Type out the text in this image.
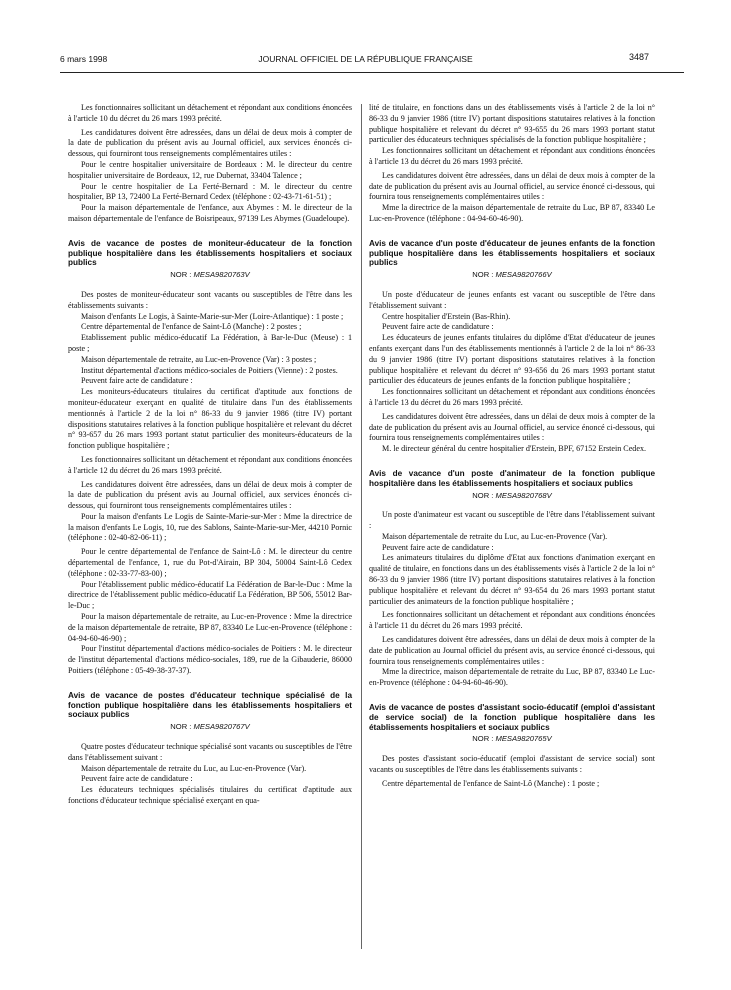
6 mars 1998	JOURNAL OFFICIEL DE LA RÉPUBLIQUE FRANÇAISE	3487

Les fonctionnaires sollicitant un détachement et répondant aux conditions énoncées à l'article 10 du décret du 26 mars 1993 précité.

Les candidatures doivent être adressées, dans un délai de deux mois à compter de la date de publication du présent avis au Journal officiel, aux services énoncés ci-dessous, qui fourniront tous renseignements complémentaires utiles :

Pour le centre hospitalier universitaire de Bordeaux : M. le directeur du centre hospitalier universitaire de Bordeaux, 12, rue Dubernat, 33404 Talence ;

Pour le centre hospitalier de La Ferté-Bernard : M. le directeur du centre hospitalier, BP 13, 72400 La Ferté-Bernard Cedex (téléphone : 02-43-71-61-51) ;

Pour la maison départementale de l'enfance, aux Abymes : M. le directeur de la maison départementale de l'enfance de Boisripeaux, 97139 Les Abymes (Guadeloupe).

Avis de vacance de postes de moniteur-éducateur de la fonction publique hospitalière dans les établissements hospitaliers et sociaux publics
NOR : MESA9820763V

Des postes de moniteur-éducateur sont vacants ou susceptibles de l'être dans les établissements suivants :

Maison d'enfants Le Logis, à Sainte-Marie-sur-Mer (Loire-Atlantique) : 1 poste ;

Centre départemental de l'enfance de Saint-Lô (Manche) : 2 postes ;

Etablissement public médico-éducatif La Fédération, à Bar-le-Duc (Meuse) : 1 poste ;

Maison départementale de retraite, au Luc-en-Provence (Var) : 3 postes ;

Institut départemental d'actions médico-sociales de Poitiers (Vienne) : 2 postes.

Peuvent faire acte de candidature :

Les moniteurs-éducateurs titulaires du certificat d'aptitude aux fonctions de moniteur-éducateur exerçant en qualité de titulaire dans l'un des établissements mentionnés à l'article 2 de la loi n° 86-33 du 9 janvier 1986 (titre IV) portant dispositions statutaires relatives à la fonction publique hospitalière et relevant du décret n° 93-657 du 26 mars 1993 portant statut particulier des moniteurs-éducateurs de la fonction publique hospitalière ;

Les fonctionnaires sollicitant un détachement et répondant aux conditions énoncées à l'article 12 du décret du 26 mars 1993 précité.

Les candidatures doivent être adressées, dans un délai de deux mois à compter de la date de publication du présent avis au Journal officiel, aux services énoncés ci-dessous, qui fourniront tous renseignements complémentaires utiles :

Pour la maison d'enfants Le Logis de Sainte-Marie-sur-Mer : Mme la directrice de la maison d'enfants Le Logis, 10, rue des Sablons, Sainte-Marie-sur-Mer, 44210 Pornic (téléphone : 02-40-82-06-11) ;

Pour le centre départemental de l'enfance de Saint-Lô : M. le directeur du centre départemental de l'enfance, 1, rue du Pot-d'Airain, BP 304, 50004 Saint-Lô Cedex (téléphone : 02-33-77-83-00) ;

Pour l'établissement public médico-éducatif La Fédération de Bar-le-Duc : Mme la directrice de l'établissement public médico-éducatif La Fédération, BP 506, 55012 Bar-le-Duc ;

Pour la maison départementale de retraite, au Luc-en-Provence : Mme la directrice de la maison départementale de retraite, BP 87, 83340 Le Luc-en-Provence (téléphone : 04-94-60-46-90) ;

Pour l'institut départemental d'actions médico-sociales de Poitiers : M. le directeur de l'institut départemental d'actions médico-sociales, 189, rue de la Gibauderie, 86000 Poitiers (téléphone : 05-49-38-37-37).

Avis de vacance de postes d'éducateur technique spécialisé de la fonction publique hospitalière dans les établissements hospitaliers et sociaux publics
NOR : MESA9820767V

Quatre postes d'éducateur technique spécialisé sont vacants ou susceptibles de l'être dans l'établissement suivant :

Maison départementale de retraite du Luc, au Luc-en-Provence (Var).

Peuvent faire acte de candidature :

Les éducateurs techniques spécialisés titulaires du certificat d'aptitude aux fonctions d'éducateur technique spécialisé exerçant en qua-

lité de titulaire, en fonctions dans un des établissements visés à l'article 2 de la loi n° 86-33 du 9 janvier 1986 (titre IV) portant dispositions statutaires relatives à la fonction publique hospitalière et relevant du décret n° 93-655 du 26 mars 1993 portant statut particulier des éducateurs techniques spécialisés de la fonction publique hospitalière ;

Les fonctionnaires sollicitant un détachement et répondant aux conditions énoncées à l'article 13 du décret du 26 mars 1993 précité.

Les candidatures doivent être adressées, dans un délai de deux mois à compter de la date de publication du présent avis au Journal officiel, au service énoncé ci-dessous, qui fournira tous renseignements complémentaires utiles :

Mme la directrice de la maison départementale de retraite du Luc, BP 87, 83340 Le Luc-en-Provence (téléphone : 04-94-60-46-90).

Avis de vacance d'un poste d'éducateur de jeunes enfants de la fonction publique hospitalière dans les établissements hospitaliers et sociaux publics
NOR : MESA9820766V

Un poste d'éducateur de jeunes enfants est vacant ou susceptible de l'être dans l'établissement suivant :

Centre hospitalier d'Erstein (Bas-Rhin).

Peuvent faire acte de candidature :

Les éducateurs de jeunes enfants titulaires du diplôme d'Etat d'éducateur de jeunes enfants exerçant dans l'un des établissements mentionnés à l'article 2 de la loi n° 86-33 du 9 janvier 1986 (titre IV) portant dispositions statutaires relatives à la fonction publique hospitalière et relevant du décret n° 93-656 du 26 mars 1993 portant statut particulier des éducateurs de jeunes enfants de la fonction publique hospitalière ;

Les fonctionnaires sollicitant un détachement et répondant aux conditions énoncées à l'article 13 du décret du 26 mars 1993 précité.

Les candidatures doivent être adressées, dans un délai de deux mois à compter de la date de publication du présent avis au Journal officiel, au service énoncé ci-dessous, qui fournira tous renseignements complémentaires utiles :

M. le directeur général du centre hospitalier d'Erstein, BPF, 67152 Erstein Cedex.

Avis de vacance d'un poste d'animateur de la fonction publique hospitalière dans les établissements hospitaliers et sociaux publics
NOR : MESA9820768V

Un poste d'animateur est vacant ou susceptible de l'être dans l'établissement suivant :

Maison départementale de retraite du Luc, au Luc-en-Provence (Var).

Peuvent faire acte de candidature :

Les animateurs titulaires du diplôme d'Etat aux fonctions d'animation exerçant en qualité de titulaire, en fonctions dans un des établissements visés à l'article 2 de la loi n° 86-33 du 9 janvier 1986 (titre IV) portant dispositions statutaires relatives à la fonction publique hospitalière et relevant du décret n° 93-654 du 26 mars 1993 portant statut particulier des animateurs de la fonction publique hospitalière ;

Les fonctionnaires sollicitant un détachement et répondant aux conditions énoncées à l'article 11 du décret du 26 mars 1993 précité.

Les candidatures doivent être adressées, dans un délai de deux mois à compter de la date de publication au Journal officiel du présent avis, au service énoncé ci-dessous, qui fournira tous renseignements complémentaires utiles :

Mme la directrice, maison départementale de retraite du Luc, BP 87, 83340 Le Luc-en-Provence (téléphone : 04-94-60-46-90).

Avis de vacance de postes d'assistant socio-éducatif (emploi d'assistant de service social) de la fonction publique hospitalière dans les établissements hospitaliers et sociaux publics
NOR : MESA9820765V

Des postes d'assistant socio-éducatif (emploi d'assistant de service social) sont vacants ou susceptibles de l'être dans les établissements suivants :

Centre départemental de l'enfance de Saint-Lô (Manche) : 1 poste ;
